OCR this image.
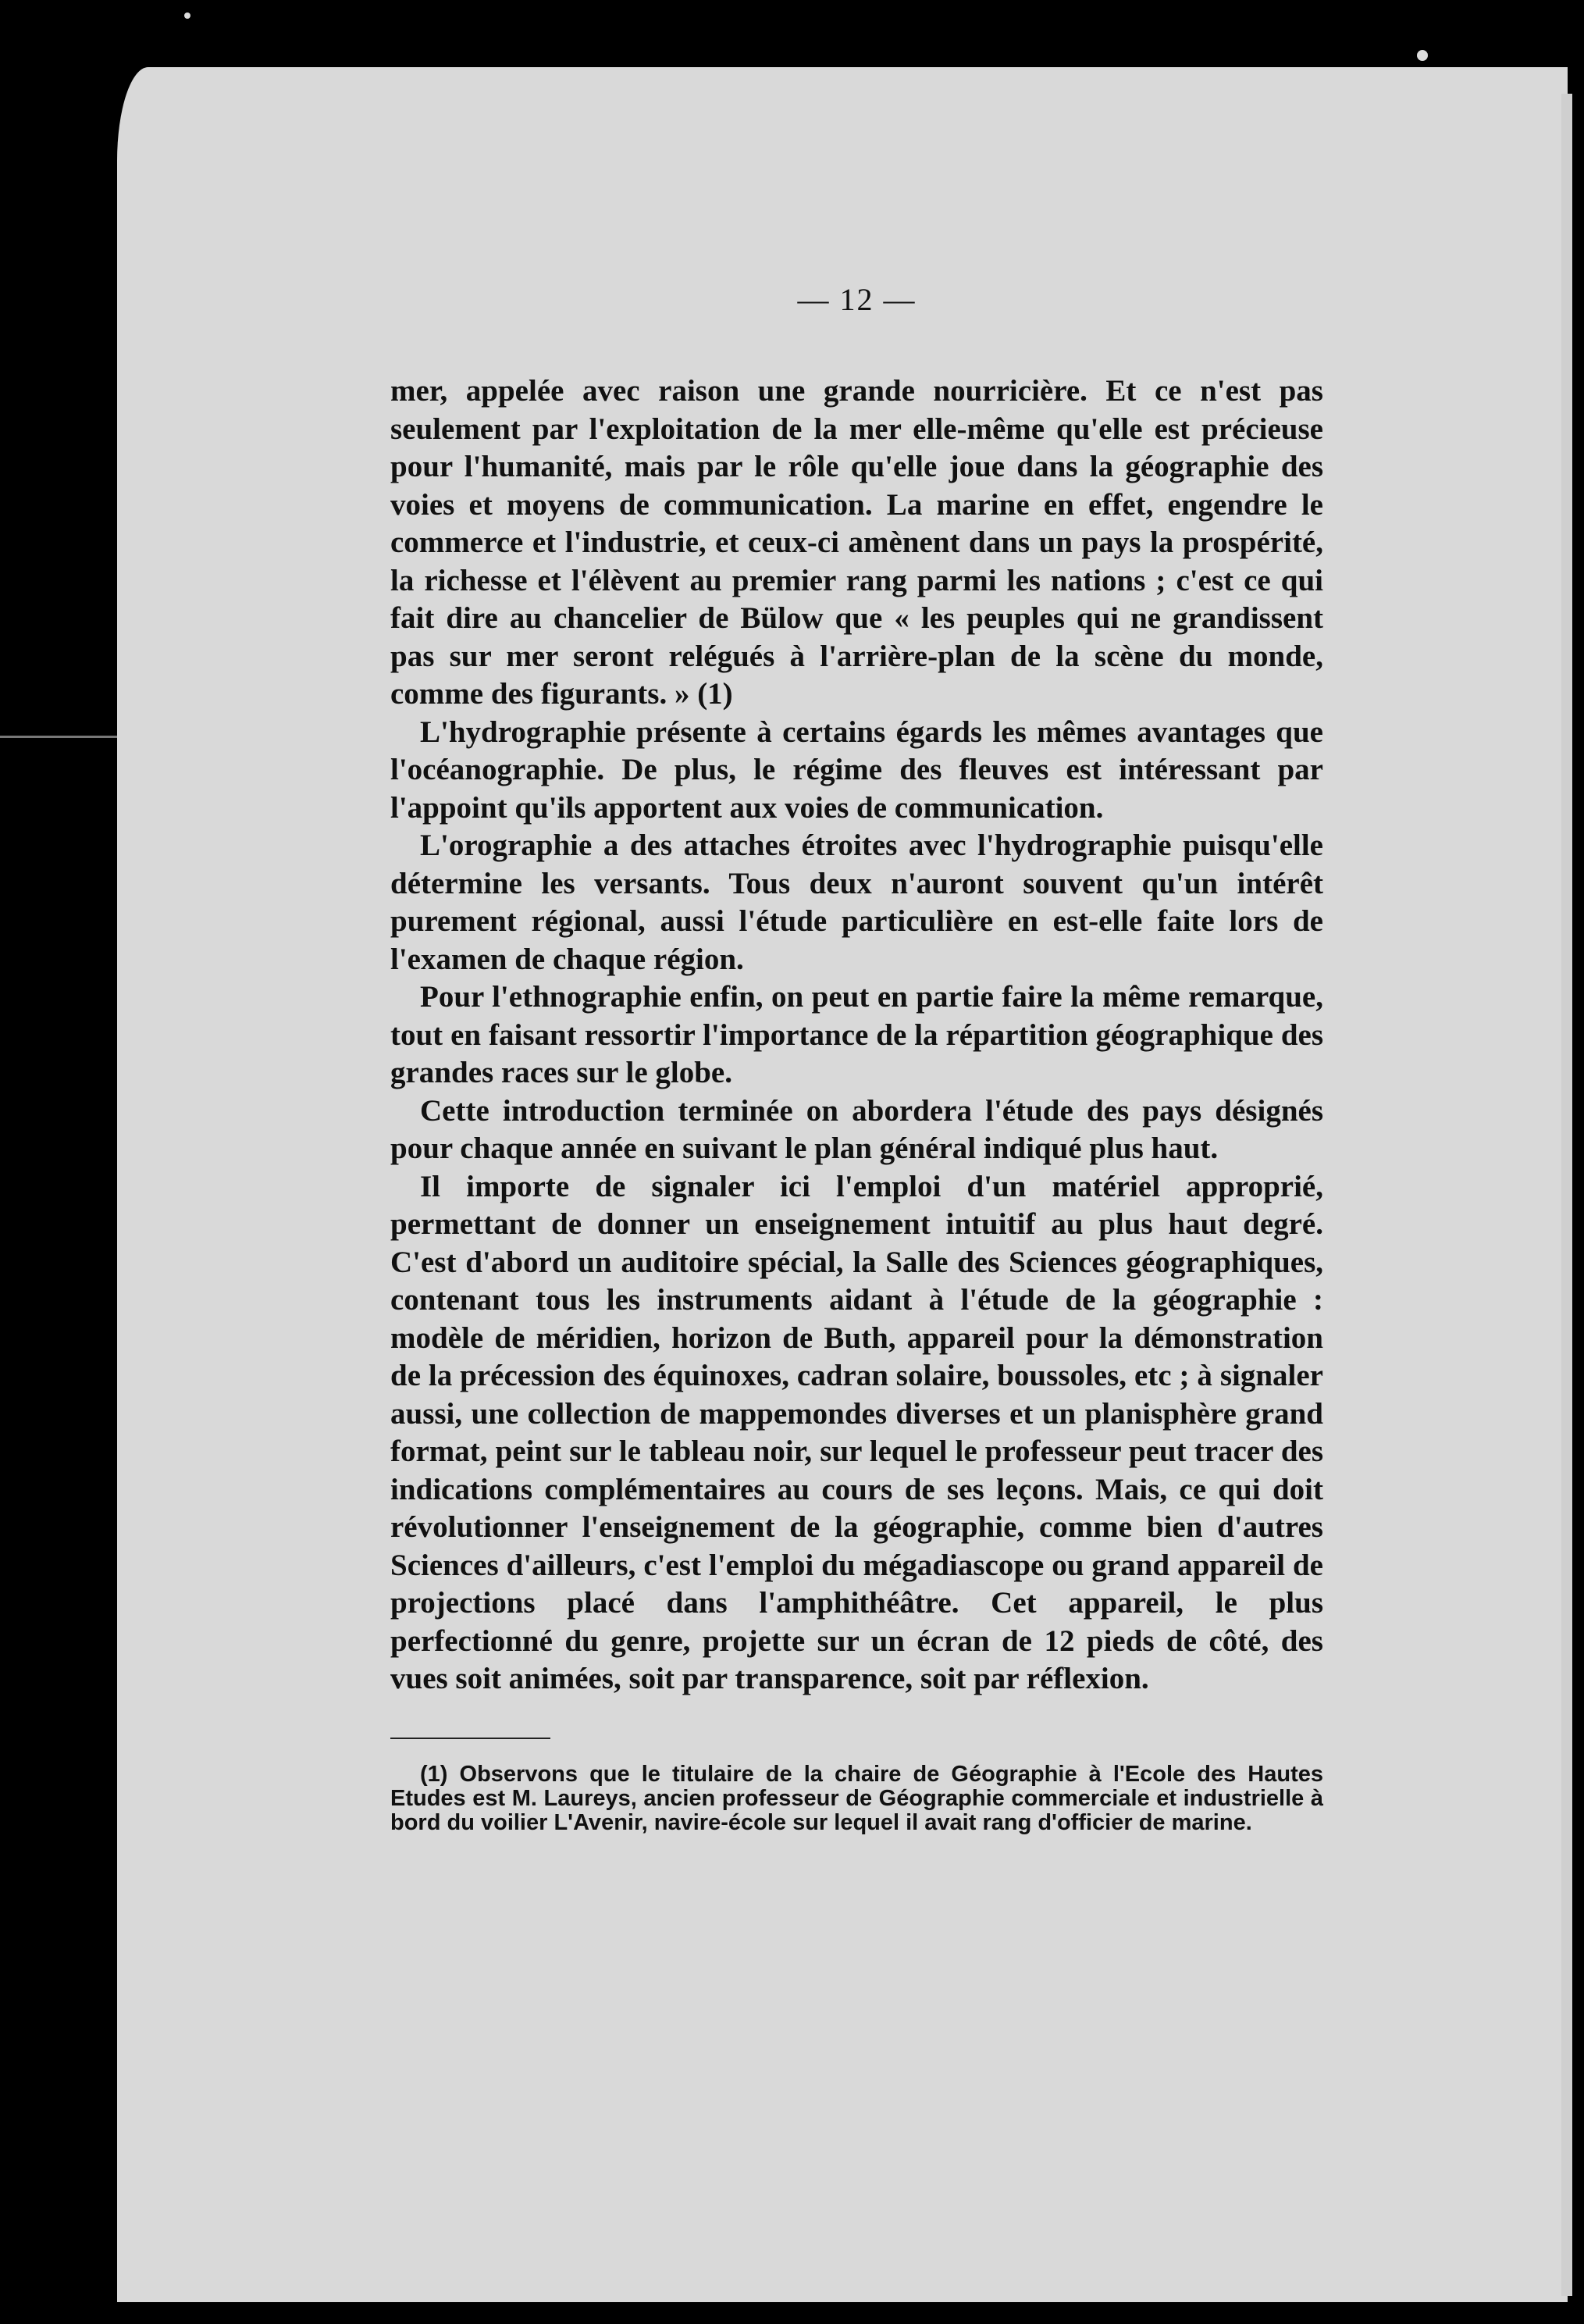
— 12 —

mer, appelée avec raison une grande nourricière. Et ce n'est pas seulement par l'exploitation de la mer elle-même qu'elle est précieuse pour l'humanité, mais par le rôle qu'elle joue dans la géographie des voies et moyens de communication. La marine en effet, engendre le commerce et l'industrie, et ceux-ci amènent dans un pays la prospérité, la richesse et l'élèvent au premier rang parmi les nations ; c'est ce qui fait dire au chancelier de Bülow que « les peuples qui ne grandissent pas sur mer seront relégués à l'arrière-plan de la scène du monde, comme des figurants. » (1)

L'hydrographie présente à certains égards les mêmes avantages que l'océanographie. De plus, le régime des fleuves est intéressant par l'appoint qu'ils apportent aux voies de communication.

L'orographie a des attaches étroites avec l'hydrographie puisqu'elle détermine les versants. Tous deux n'auront souvent qu'un intérêt purement régional, aussi l'étude particulière en est-elle faite lors de l'examen de chaque région.

Pour l'ethnographie enfin, on peut en partie faire la même remarque, tout en faisant ressortir l'importance de la répartition géographique des grandes races sur le globe.

Cette introduction terminée on abordera l'étude des pays désignés pour chaque année en suivant le plan général indiqué plus haut.

Il importe de signaler ici l'emploi d'un matériel approprié, permettant de donner un enseignement intuitif au plus haut degré. C'est d'abord un auditoire spécial, la Salle des Sciences géographiques, contenant tous les instruments aidant à l'étude de la géographie : modèle de méridien, horizon de Buth, appareil pour la démonstration de la précession des équinoxes, cadran solaire, boussoles, etc ; à signaler aussi, une collection de mappemondes diverses et un planisphère grand format, peint sur le tableau noir, sur lequel le professeur peut tracer des indications complémentaires au cours de ses leçons. Mais, ce qui doit révolutionner l'enseignement de la géographie, comme bien d'autres Sciences d'ailleurs, c'est l'emploi du mégadiascope ou grand appareil de projections placé dans l'amphithéâtre. Cet appareil, le plus perfectionné du genre, projette sur un écran de 12 pieds de côté, des vues soit animées, soit par transparence, soit par réflexion.

(1) Observons que le titulaire de la chaire de Géographie à l'Ecole des Hautes Etudes est M. Laureys, ancien professeur de Géographie commerciale et industrielle à bord du voilier L'Avenir, navire-école sur lequel il avait rang d'officier de marine.
